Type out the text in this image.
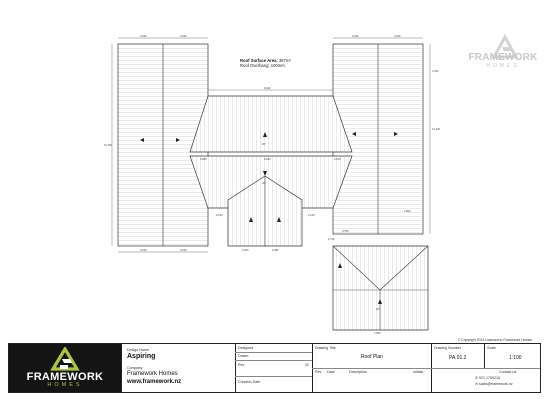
3,040	3,040	3,040	3,040
3,040	3,040
9,640
9,640
16,760
12,190
1,930
7,580
2,200
2,150	2,150
2,380
3,680	3,150
1,800
2,790
0,795
20°
30°
20°
FRAMEWORK
HOMES
Roof Surface Area: 367m²
Roof Overhang: 100mm
© Copyright 2024 Licensed to Framework Homes
FRAMEWORK
HOMES
Design Name
Aspiring
Company
Framework Homes
www.framework.nz
Designed
Drawn
Rev	03
Creation Date
Drawing Title
Roof Plan
Rev Date	Description	Initials
Drawing Number
PA.01.2
Scale
1:100
Contact us:
✆ 021 1759215
✉ sales@framework.nz
